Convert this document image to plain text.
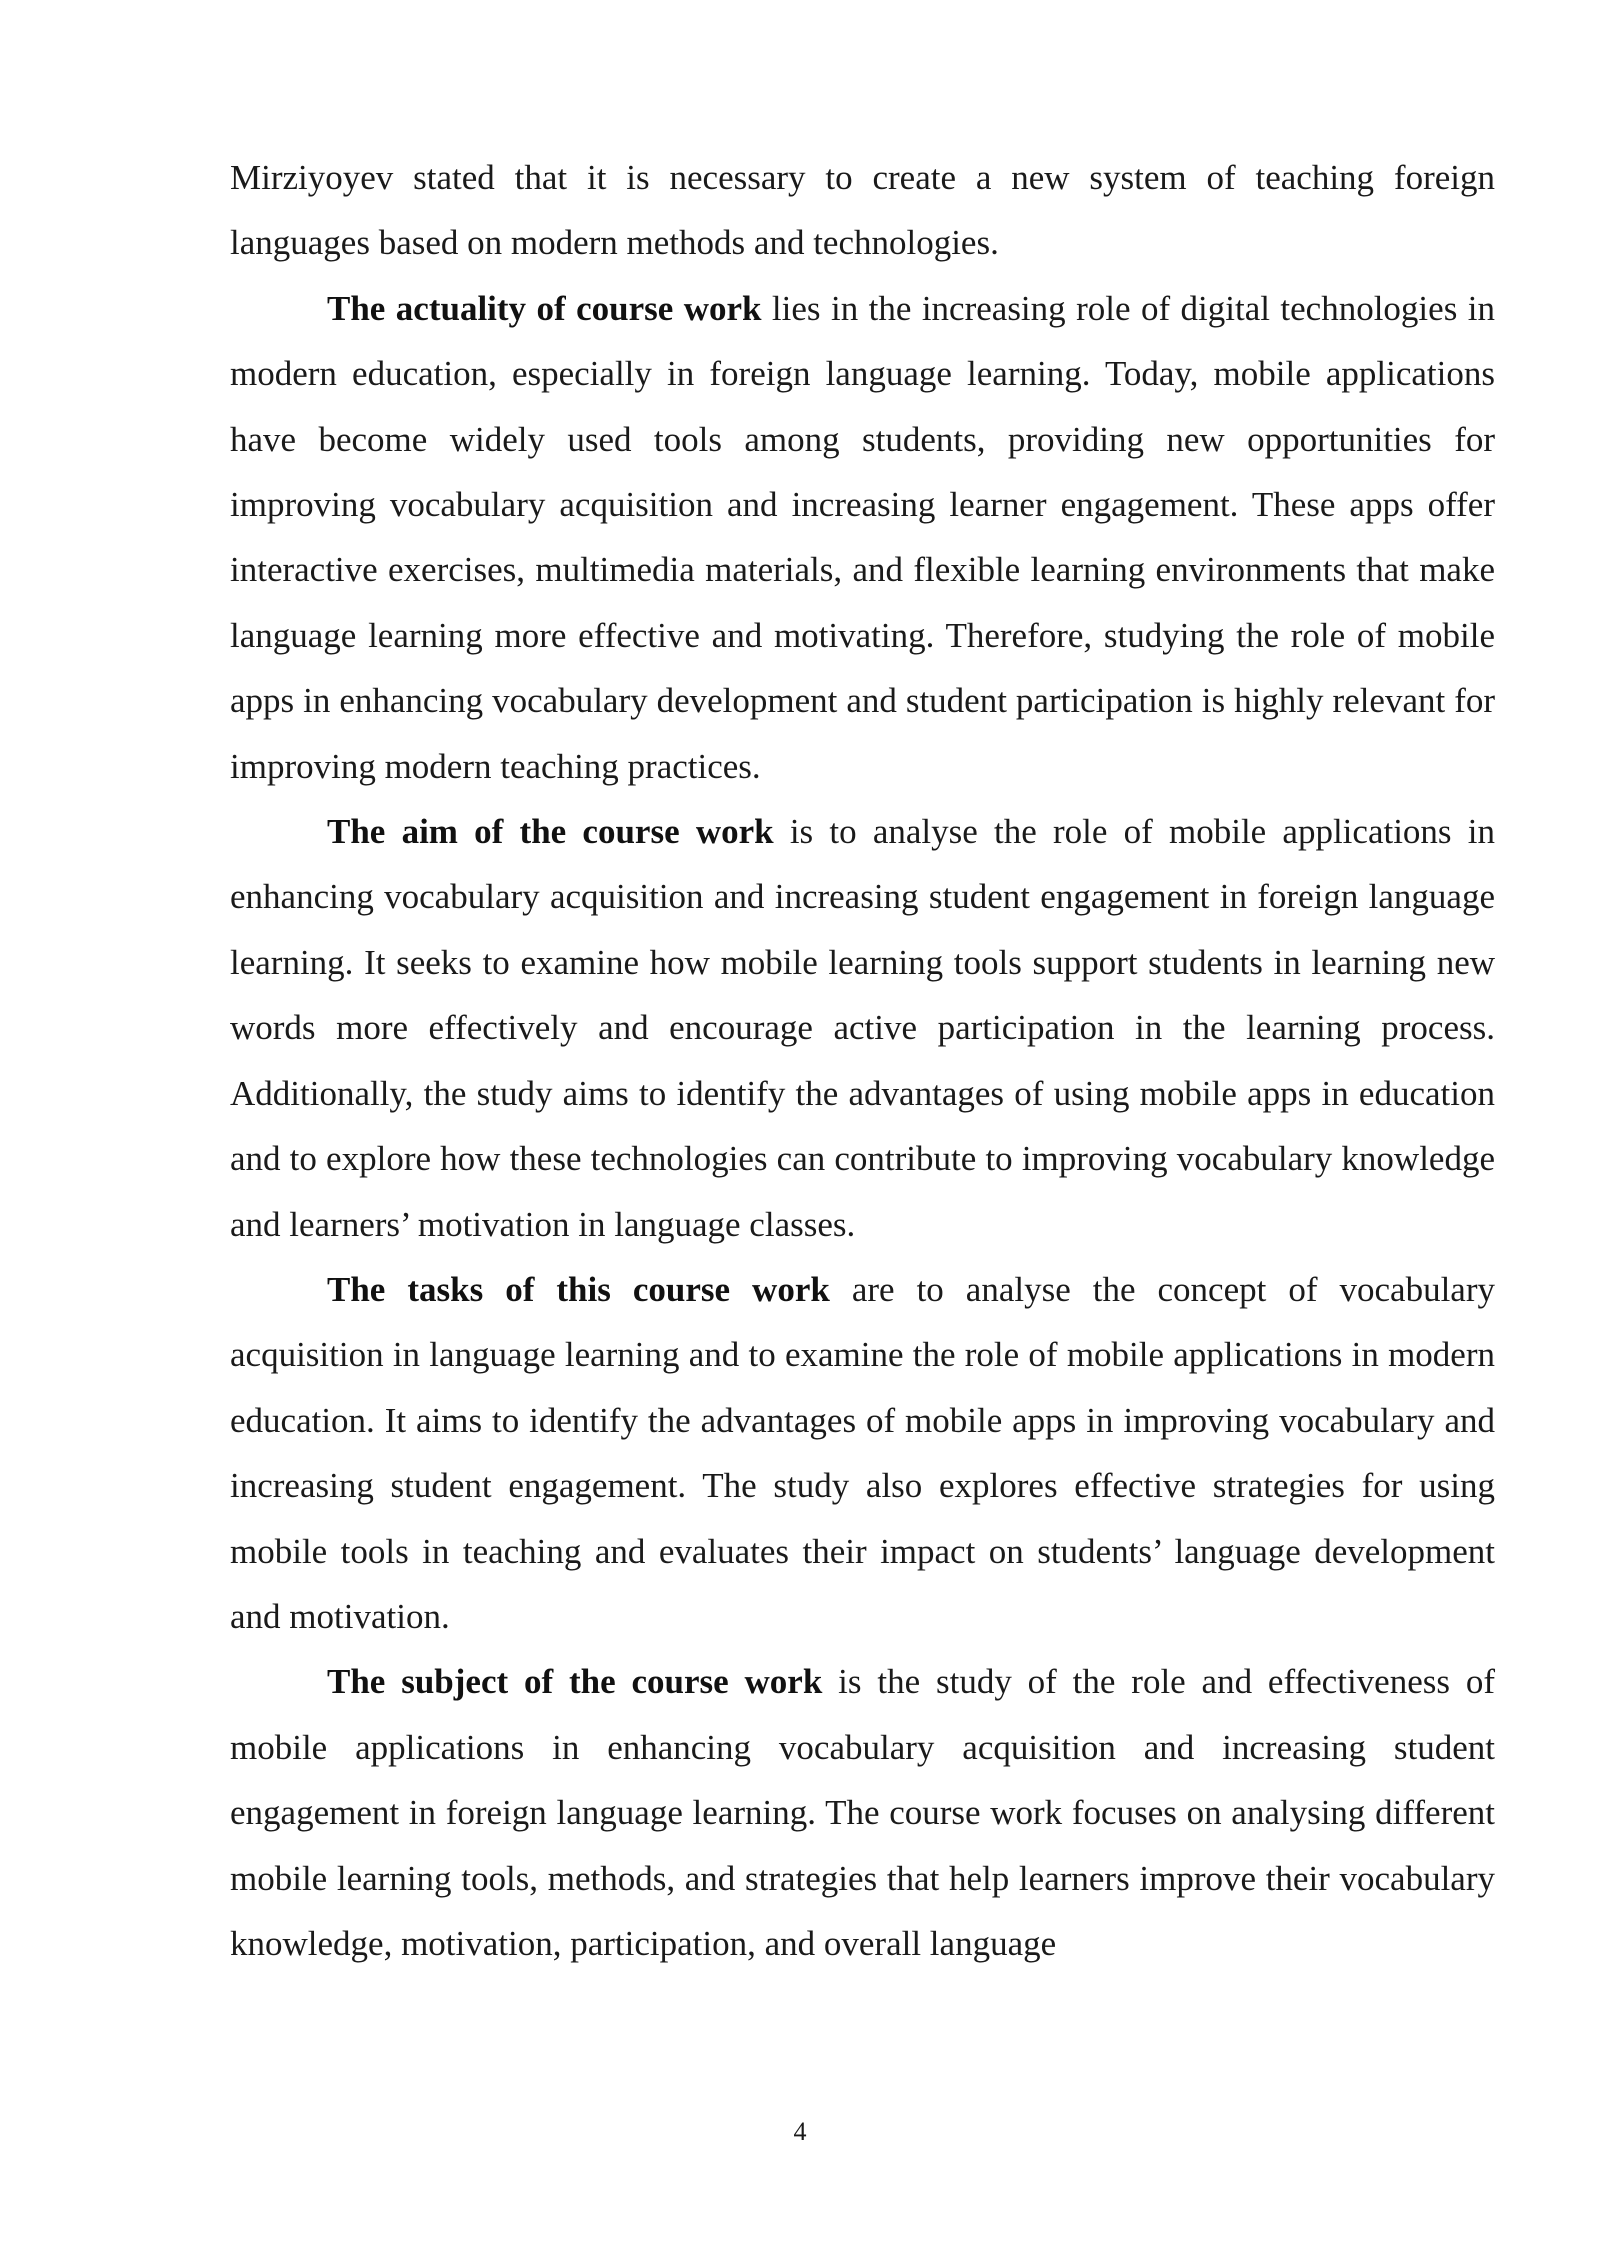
Mirziyoyev stated that it is necessary to create a new system of teaching foreign languages based on modern methods and technologies.

The actuality of course work lies in the increasing role of digital technologies in modern education, especially in foreign language learning. Today, mobile applications have become widely used tools among students, providing new opportunities for improving vocabulary acquisition and increasing learner engagement. These apps offer interactive exercises, multimedia materials, and flexible learning environments that make language learning more effective and motivating. Therefore, studying the role of mobile apps in enhancing vocabulary development and student participation is highly relevant for improving modern teaching practices.

The aim of the course work is to analyse the role of mobile applications in enhancing vocabulary acquisition and increasing student engagement in foreign language learning. It seeks to examine how mobile learning tools support students in learning new words more effectively and encourage active participation in the learning process. Additionally, the study aims to identify the advantages of using mobile apps in education and to explore how these technologies can contribute to improving vocabulary knowledge and learners’ motivation in language classes.

The tasks of this course work are to analyse the concept of vocabulary acquisition in language learning and to examine the role of mobile applications in modern education. It aims to identify the advantages of mobile apps in improving vocabulary and increasing student engagement. The study also explores effective strategies for using mobile tools in teaching and evaluates their impact on students’ language development and motivation.

The subject of the course work is the study of the role and effectiveness of mobile applications in enhancing vocabulary acquisition and increasing student engagement in foreign language learning. The course work focuses on analysing different mobile learning tools, methods, and strategies that help learners improve their vocabulary knowledge, motivation, participation, and overall language

4
